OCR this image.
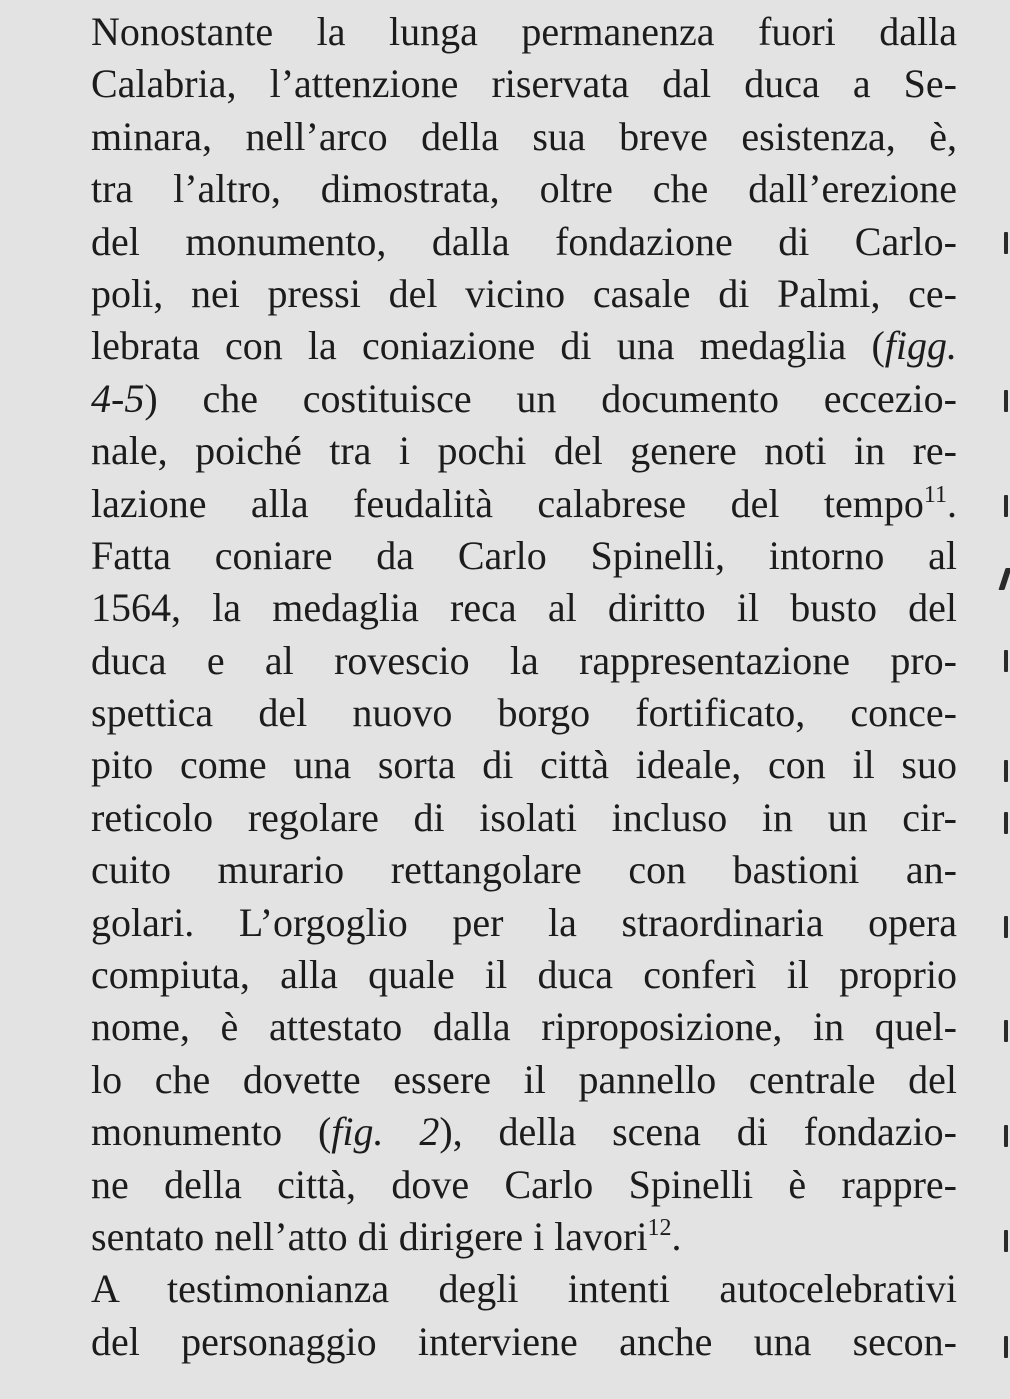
Nonostante la lunga permanenza fuori dalla
Calabria, l’attenzione riservata dal duca a Se-
minara, nell’arco della sua breve esistenza, è,
tra l’altro, dimostrata, oltre che dall’erezione
del monumento, dalla fondazione di Carlo-
poli, nei pressi del vicino casale di Palmi, ce-
lebrata con la coniazione di una medaglia (figg.
4-5) che costituisce un documento eccezio-
nale, poiché tra i pochi del genere noti in re-
lazione alla feudalità calabrese del tempo$^{11}$.
Fatta coniare da Carlo Spinelli, intorno al
1564, la medaglia reca al diritto il busto del
duca e al rovescio la rappresentazione pro-
spettica del nuovo borgo fortificato, conce-
pito come una sorta di città ideale, con il suo
reticolo regolare di isolati incluso in un cir-
cuito murario rettangolare con bastioni an-
golari. L’orgoglio per la straordinaria opera
compiuta, alla quale il duca conferì il proprio
nome, è attestato dalla riproposizione, in quel-
lo che dovette essere il pannello centrale del
monumento (fig. 2), della scena di fondazio-
ne della città, dove Carlo Spinelli è rappre-
sentato nell’atto di dirigere i lavori$^{12}$.
A testimonianza degli intenti autocelebrativi
del personaggio interviene anche una secon-
